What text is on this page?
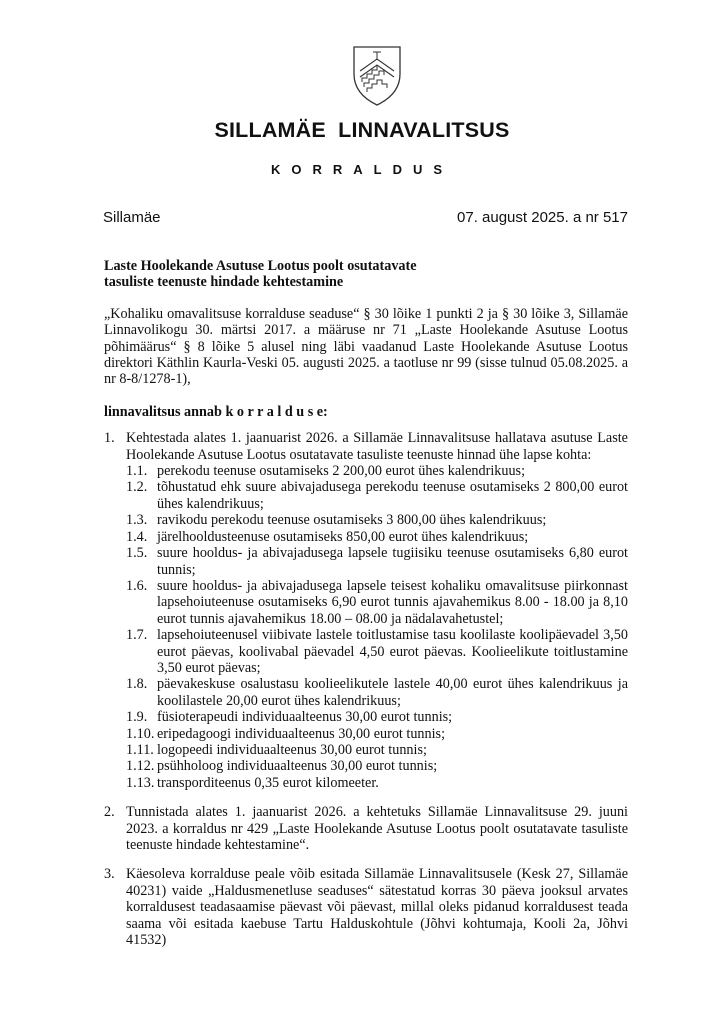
SILLAMÄE LINNAVALITSUS
KORRALDUS
Sillamäe	07. august 2025. a nr 517

Laste Hoolekande Asutuse Lootus poolt osutatavate
tasuliste teenuste hindade kehtestamine

„Kohaliku omavalitsuse korralduse seaduse“ § 30 lõike 1 punkti 2 ja § 30 lõike 3, Sillamäe Linnavolikogu 30. märtsi 2017. a määruse nr 71 „Laste Hoolekande Asutuse Lootus põhimäärus“ § 8 lõike 5 alusel ning läbi vaadanud Laste Hoolekande Asutuse Lootus direktori Käthlin Kaurla-Veski 05. augusti 2025. a taotluse nr 99 (sisse tulnud 05.08.2025. a nr 8-8/1278-1),

linnavalitsus annab k o r r a l d u s e:

1. Kehtestada alates 1. jaanuarist 2026. a Sillamäe Linnavalitsuse hallatava asutuse Laste Hoolekande Asutuse Lootus osutatavate tasuliste teenuste hinnad ühe lapse kohta:
1.1. perekodu teenuse osutamiseks 2 200,00 eurot ühes kalendrikuus;
1.2. tõhustatud ehk suure abivajadusega perekodu teenuse osutamiseks 2 800,00 eurot ühes kalendrikuus;
1.3. ravikodu perekodu teenuse osutamiseks 3 800,00 ühes kalendrikuus;
1.4. järelhooldusteenuse osutamiseks 850,00 eurot ühes kalendrikuus;
1.5. suure hooldus- ja abivajadusega lapsele tugiisiku teenuse osutamiseks 6,80 eurot tunnis;
1.6. suure hooldus- ja abivajadusega lapsele teisest kohaliku omavalitsuse piirkonnast lapsehoiuteenuse osutamiseks 6,90 eurot tunnis ajavahemikus 8.00 - 18.00 ja 8,10 eurot tunnis ajavahemikus 18.00 – 08.00 ja nädalavahetustel;
1.7. lapsehoiuteenusel viibivate lastele toitlustamise tasu koolilaste koolipäevadel 3,50 eurot päevas, koolivabal päevadel 4,50 eurot päevas. Koolieelikute toitlustamine 3,50 eurot päevas;
1.8. päevakeskuse osalustasu koolieelikutele lastele 40,00 eurot ühes kalendrikuus ja koolilastele 20,00 eurot ühes kalendrikuus;
1.9. füsioterapeudi individuaalteenus 30,00 eurot tunnis;
1.10. eripedagoogi individuaalteenus 30,00 eurot tunnis;
1.11. logopeedi individuaalteenus 30,00 eurot tunnis;
1.12. psühholoog individuaalteenus 30,00 eurot tunnis;
1.13. transporditeenus 0,35 eurot kilomeeter.
2. Tunnistada alates 1. jaanuarist 2026. a kehtetuks Sillamäe Linnavalitsuse 29. juuni 2023. a korraldus nr 429 „Laste Hoolekande Asutuse Lootus poolt osutatavate tasuliste teenuste hindade kehtestamine“.
3. Käesoleva korralduse peale võib esitada Sillamäe Linnavalitsusele (Kesk 27, Sillamäe 40231) vaide „Haldusmenetluse seaduses“ sätestatud korras 30 päeva jooksul arvates korraldusest teadasaamise päevast või päevast, millal oleks pidanud korraldusest teada saama või esitada kaebuse Tartu Halduskohtule (Jõhvi kohtumaja, Kooli 2a, Jõhvi 41532)
